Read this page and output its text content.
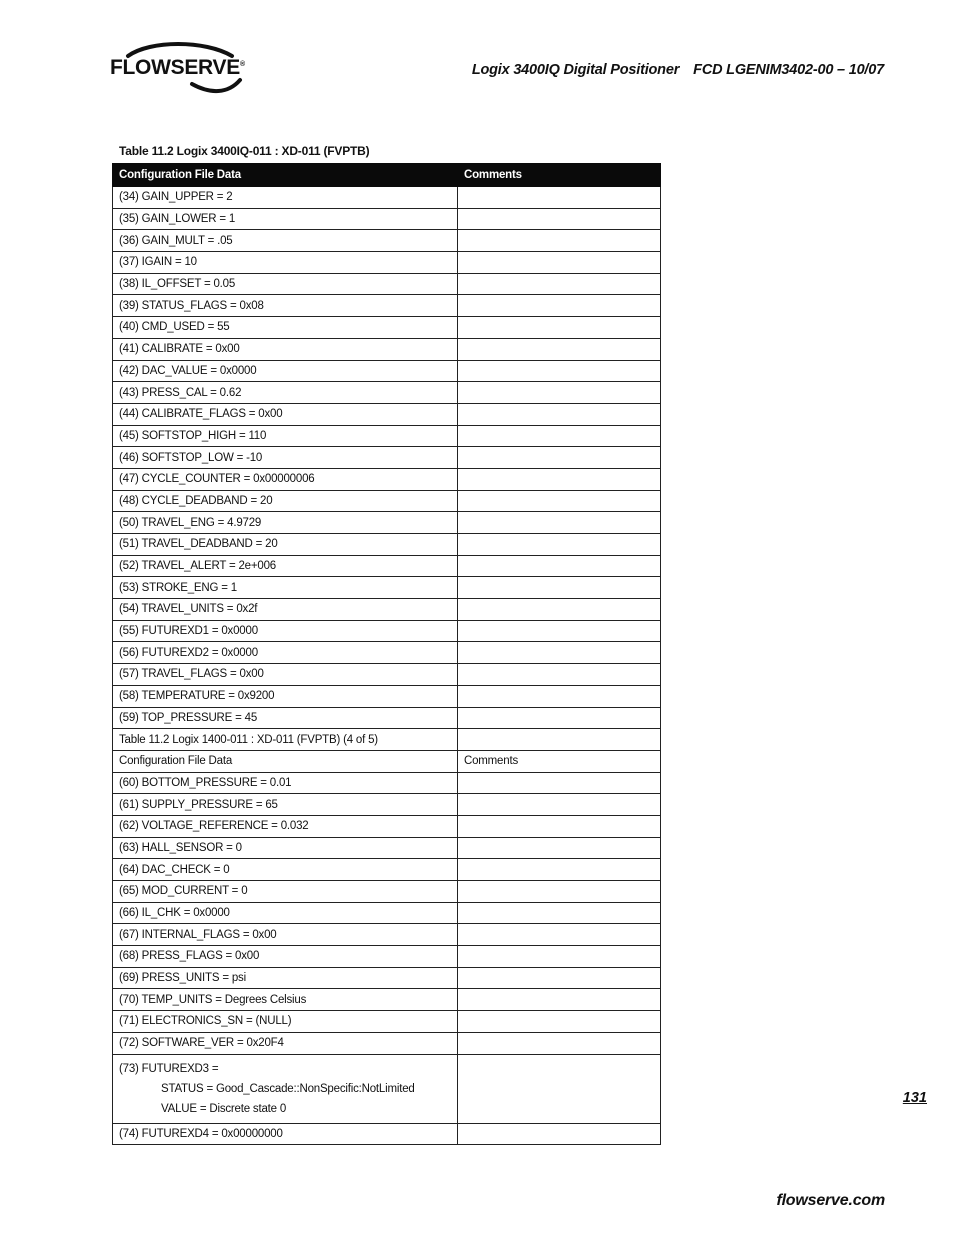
FLOWSERVE®	Logix 3400IQ Digital Positioner FCD LGENIM3402-00 – 10/07
Table 11.2 Logix 3400IQ-011 : XD-011 (FVPTB)
Configuration File Data	Comments
(34) GAIN_UPPER = 2	
(35) GAIN_LOWER = 1	
(36) GAIN_MULT = .05	
(37) IGAIN = 10	
(38) IL_OFFSET = 0.05	
(39) STATUS_FLAGS = 0x08	
(40) CMD_USED = 55	
(41) CALIBRATE = 0x00	
(42) DAC_VALUE = 0x0000	
(43) PRESS_CAL = 0.62	
(44) CALIBRATE_FLAGS = 0x00	
(45) SOFTSTOP_HIGH = 110	
(46) SOFTSTOP_LOW = -10	
(47) CYCLE_COUNTER = 0x00000006	
(48) CYCLE_DEADBAND = 20	
(50) TRAVEL_ENG = 4.9729	
(51) TRAVEL_DEADBAND = 20	
(52) TRAVEL_ALERT = 2e+006	
(53) STROKE_ENG = 1	
(54) TRAVEL_UNITS = 0x2f	
(55) FUTUREXD1 = 0x0000	
(56) FUTUREXD2 = 0x0000	
(57) TRAVEL_FLAGS = 0x00	
(58) TEMPERATURE = 0x9200	
(59) TOP_PRESSURE = 45	
Table 11.2 Logix 1400-011 : XD-011 (FVPTB) (4 of 5)	
Configuration File Data	Comments
(60) BOTTOM_PRESSURE = 0.01	
(61) SUPPLY_PRESSURE = 65	
(62) VOLTAGE_REFERENCE = 0.032	
(63) HALL_SENSOR = 0	
(64) DAC_CHECK = 0	
(65) MOD_CURRENT = 0	
(66) IL_CHK = 0x0000	
(67) INTERNAL_FLAGS = 0x00	
(68) PRESS_FLAGS = 0x00	
(69) PRESS_UNITS = psi	
(70) TEMP_UNITS = Degrees Celsius	
(71) ELECTRONICS_SN = (NULL)	
(72) SOFTWARE_VER = 0x20F4	

(73) FUTUREXD3 =
STATUS = Good_Cascade::NonSpecific:NotLimited
VALUE = Discrete state 0	

(74) FUTUREXD4 = 0x00000000	
131
flowserve.com
